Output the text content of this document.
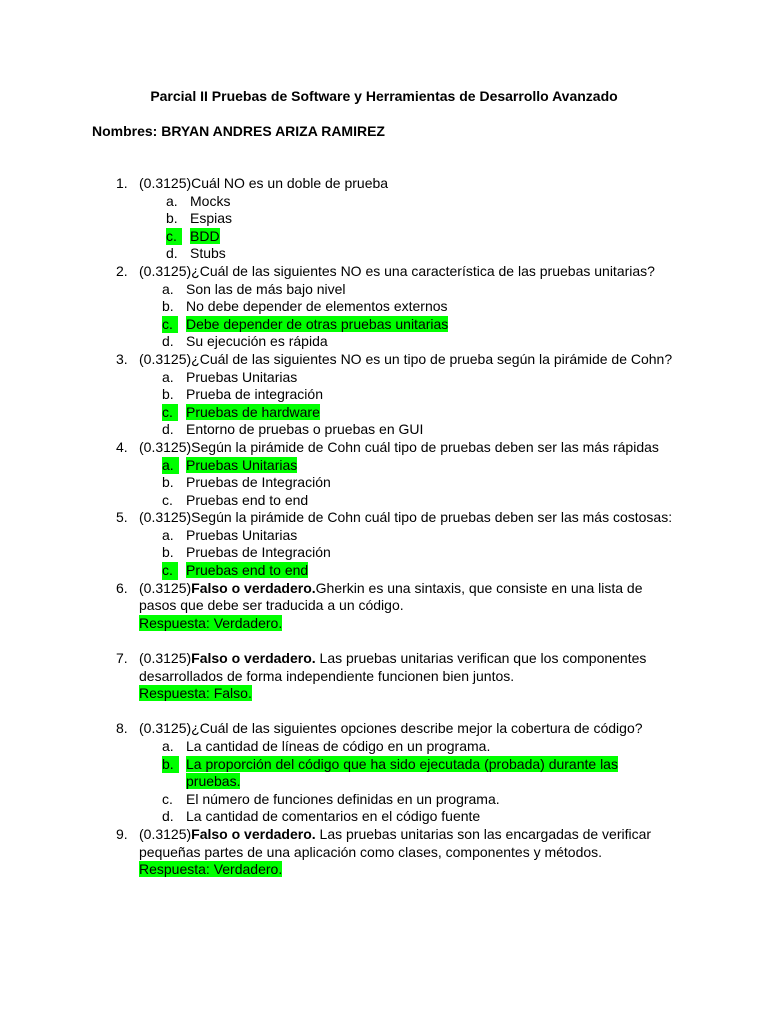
Parcial II Pruebas de Software y Herramientas de Desarrollo Avanzado
Nombres: BRYAN ANDRES ARIZA RAMIREZ
1. (0.3125)Cuál NO es un doble de prueba
a. Mocks
b. Espias
c. BDD
d. Stubs
2. (0.3125)¿Cuál de las siguientes NO es una característica de las pruebas unitarias?
a. Son las de más bajo nivel
b. No debe depender de elementos externos
c. Debe depender de otras pruebas unitarias
d. Su ejecución es rápida
3. (0.3125)¿Cuál de las siguientes NO es un tipo de prueba según la pirámide de Cohn?
a. Pruebas Unitarias
b. Prueba de integración
c. Pruebas de hardware
d. Entorno de pruebas o pruebas en GUI
4. (0.3125)Según la pirámide de Cohn cuál tipo de pruebas deben ser las más rápidas
a. Pruebas Unitarias
b. Pruebas de Integración
c. Pruebas end to end
5. (0.3125)Según la pirámide de Cohn cuál tipo de pruebas deben ser las más costosas:
a. Pruebas Unitarias
b. Pruebas de Integración
c. Pruebas end to end
6. (0.3125)Falso o verdadero.Gherkin es una sintaxis, que consiste en una lista de pasos que debe ser traducida a un código.
Respuesta: Verdadero.
7. (0.3125)Falso o verdadero. Las pruebas unitarias verifican que los componentes desarrollados de forma independiente funcionen bien juntos.
Respuesta: Falso.
8. (0.3125)¿Cuál de las siguientes opciones describe mejor la cobertura de código?
a. La cantidad de líneas de código en un programa.
b. La proporción del código que ha sido ejecutada (probada) durante las pruebas.
c. El número de funciones definidas en un programa.
d. La cantidad de comentarios en el código fuente
9. (0.3125)Falso o verdadero. Las pruebas unitarias son las encargadas de verificar pequeñas partes de una aplicación como clases, componentes y métodos.
Respuesta: Verdadero.
